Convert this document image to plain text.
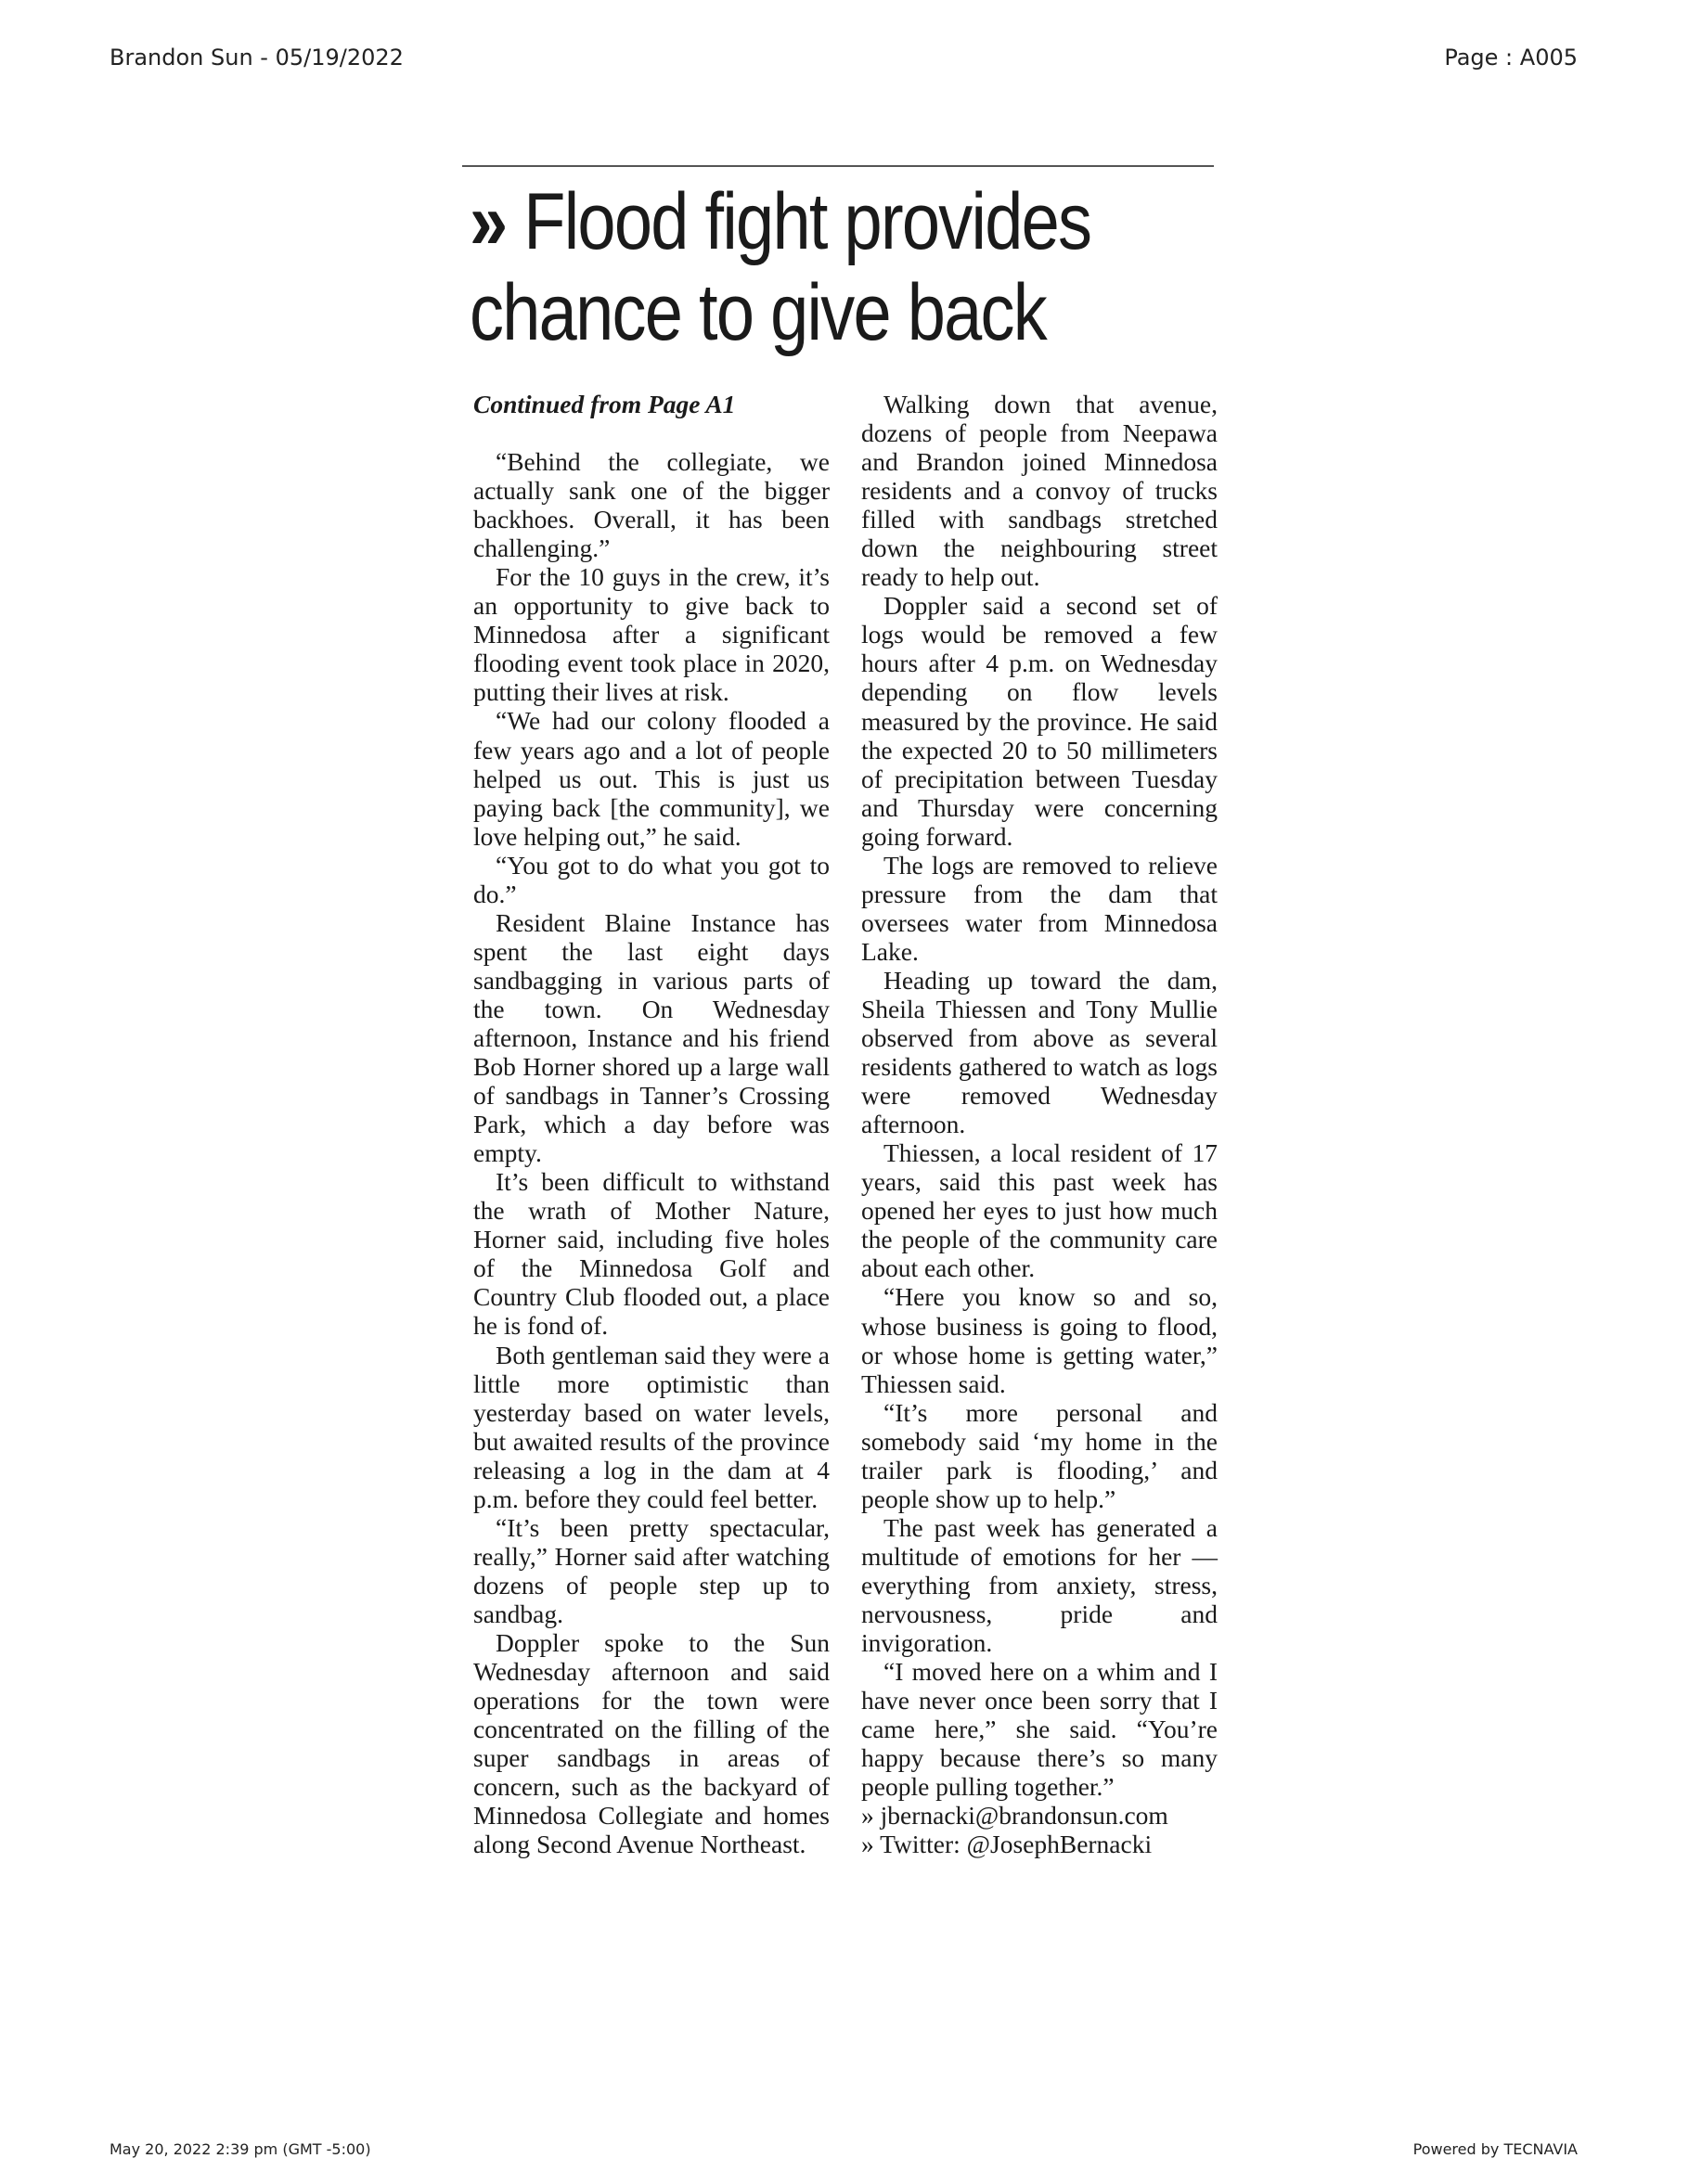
Brandon Sun - 05/19/2022	Page : A005
» Flood fight provides
chance to give back

Continued from Page A1

“Behind the collegiate, we actually sank one of the bigger backhoes. Overall, it has been challenging.”

For the 10 guys in the crew, it’s an opportunity to give back to Minnedosa after a significant flooding event took place in 2020, putting their lives at risk.

“We had our colony flooded a few years ago and a lot of people helped us out. This is just us paying back [the community], we love helping out,” he said.

“You got to do what you got to do.”

Resident Blaine Instance has spent the last eight days sandbagging in various parts of the town. On Wednesday afternoon, Instance and his friend Bob Horner shored up a large wall of sandbags in Tanner’s Crossing Park, which a day before was empty.

It’s been difficult to withstand the wrath of Mother Nature, Horner said, including five holes of the Minnedosa Golf and Country Club flooded out, a place he is fond of.

Both gentleman said they were a little more optimistic than yesterday based on water levels, but awaited results of the province releasing a log in the dam at 4 p.m. before they could feel better.

“It’s been pretty spectacular, really,” Horner said after watching dozens of people step up to sandbag.

Doppler spoke to the Sun Wednesday afternoon and said operations for the town were concentrated on the filling of the super sandbags in areas of concern, such as the backyard of Minnedosa Collegiate and homes along Second Avenue Northeast.

Walking down that avenue, dozens of people from Neepawa and Brandon joined Minnedosa residents and a convoy of trucks filled with sandbags stretched down the neighbouring street ready to help out.

Doppler said a second set of logs would be removed a few hours after 4 p.m. on Wednesday depending on flow levels measured by the province. He said the expected 20 to 50 millimeters of precipitation between Tuesday and Thursday were concerning going forward.

The logs are removed to relieve pressure from the dam that oversees water from Minnedosa Lake.

Heading up toward the dam, Sheila Thiessen and Tony Mullie observed from above as several residents gathered to watch as logs were removed Wednesday afternoon.

Thiessen, a local resident of 17 years, said this past week has opened her eyes to just how much the people of the community care about each other.

“Here you know so and so, whose business is going to flood, or whose home is getting water,” Thiessen said.

“It’s more personal and somebody said ‘my home in the trailer park is flooding,’ and people show up to help.”

The past week has generated a multitude of emotions for her — everything from anxiety, stress, nervousness, pride and invigoration.

“I moved here on a whim and I have never once been sorry that I came here,” she said. “You’re happy because there’s so many people pulling together.”

» jbernacki@brandonsun.com

» Twitter: @JosephBernacki

May 20, 2022 2:39 pm (GMT -5:00)	Powered by TECNAVIA
